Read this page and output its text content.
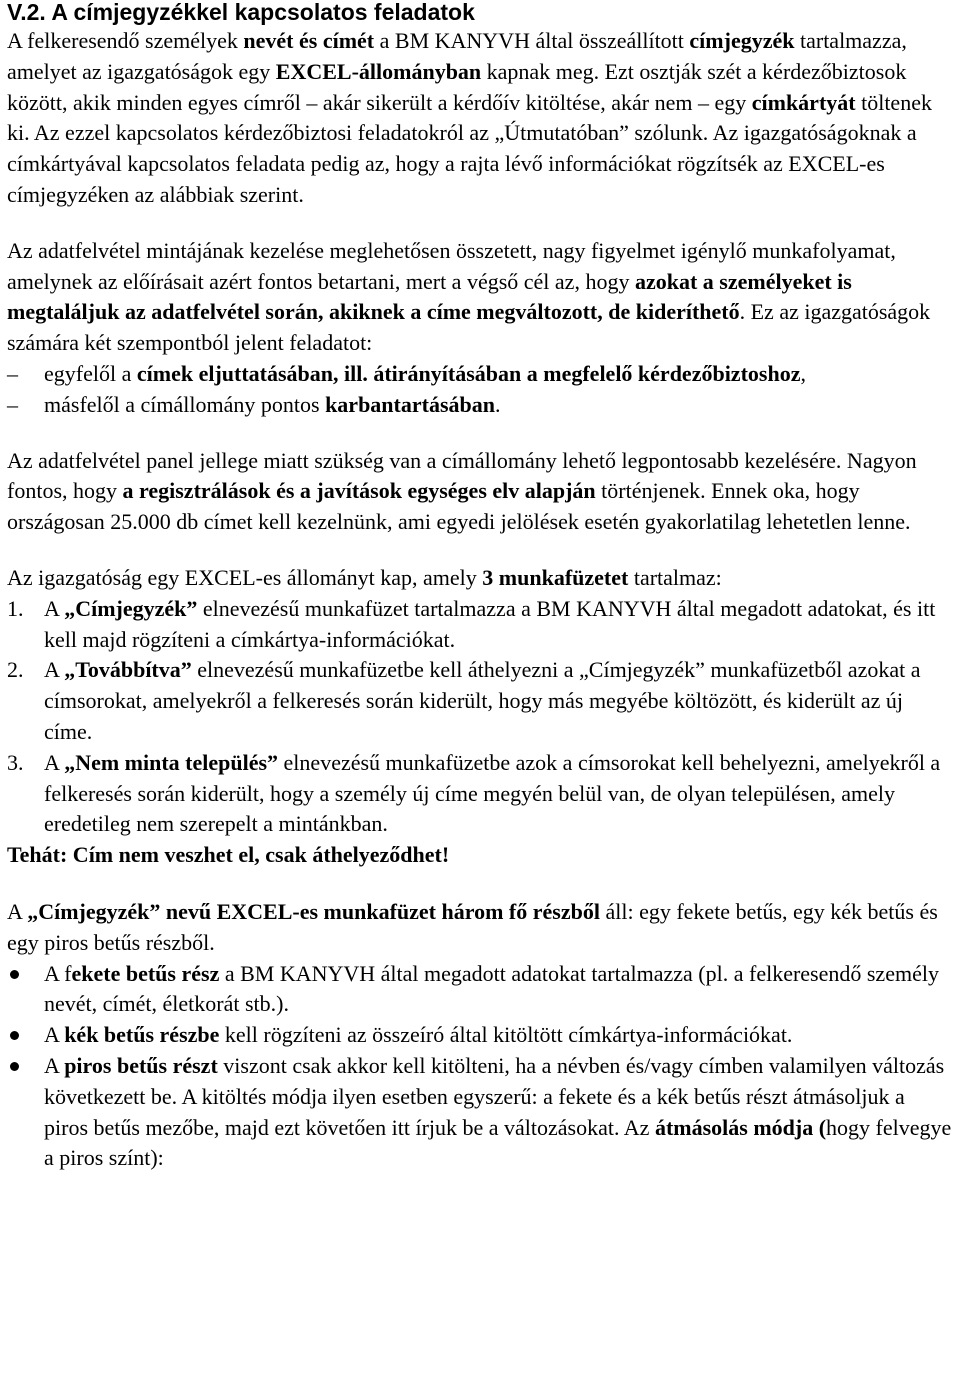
V.2. A címjegyzékkel kapcsolatos feladatok

A felkeresendő személyek nevét és címét a BM KANYVH által összeállított címjegyzék tartalmazza, amelyet az igazgatóságok egy EXCEL-állományban kapnak meg. Ezt osztják szét a kérdezőbiztosok között, akik minden egyes címről – akár sikerült a kérdőív kitöltése, akár nem – egy címkártyát töltenek ki. Az ezzel kapcsolatos kérdezőbiztosi feladatokról az „Útmutatóban” szólunk. Az igazgatóságoknak a címkártyával kapcsolatos feladata pedig az, hogy a rajta lévő információkat rögzítsék az EXCEL-es címjegyzéken az alábbiak szerint.

Az adatfelvétel mintájának kezelése meglehetősen összetett, nagy figyelmet igénylő munkafolyamat, amelynek az előírásait azért fontos betartani, mert a végső cél az, hogy azokat a személyeket is megtaláljuk az adatfelvétel során, akiknek a címe megváltozott, de kideríthető. Ez az igazgatóságok számára két szempontból jelent feladatot:

– egyfelől a címek eljuttatásában, ill. átirányításában a megfelelő kérdezőbiztoshoz,
– másfelől a címállomány pontos karbantartásában.

Az adatfelvétel panel jellege miatt szükség van a címállomány lehető legpontosabb kezelésére. Nagyon fontos, hogy a regisztrálások és a javítások egységes elv alapján történjenek. Ennek oka, hogy országosan 25.000 db címet kell kezelnünk, ami egyedi jelölések esetén gyakorlatilag lehetetlen lenne.

Az igazgatóság egy EXCEL-es állományt kap, amely 3 munkafüzetet tartalmaz:

1. A „Címjegyzék” elnevezésű munkafüzet tartalmazza a BM KANYVH által megadott adatokat, és itt kell majd rögzíteni a címkártya-információkat.
2. A „Továbbítva” elnevezésű munkafüzetbe kell áthelyezni a „Címjegyzék” munkafüzetből azokat a címsorokat, amelyekről a felkeresés során kiderült, hogy más megyébe költözött, és kiderült az új címe.
3. A „Nem minta település” elnevezésű munkafüzetbe azok a címsorokat kell behelyezni, amelyekről a felkeresés során kiderült, hogy a személy új címe megyén belül van, de olyan településen, amely eredetileg nem szerepelt a mintánkban.

Tehát: Cím nem veszhet el, csak áthelyeződhet!

A „Címjegyzék” nevű EXCEL-es munkafüzet három fő részből áll: egy fekete betűs, egy kék betűs és egy piros betűs részből.

A fekete betűs rész a BM KANYVH által megadott adatokat tartalmazza (pl. a felkeresendő személy nevét, címét, életkorát stb.).
A kék betűs részbe kell rögzíteni az összeíró által kitöltött címkártya-információkat.
A piros betűs részt viszont csak akkor kell kitölteni, ha a névben és/vagy címben valamilyen változás következett be. A kitöltés módja ilyen esetben egyszerű: a fekete és a kék betűs részt átmásoljuk a piros betűs mezőbe, majd ezt követően itt írjuk be a változásokat. Az átmásolás módja (hogy felvegye a piros színt):
